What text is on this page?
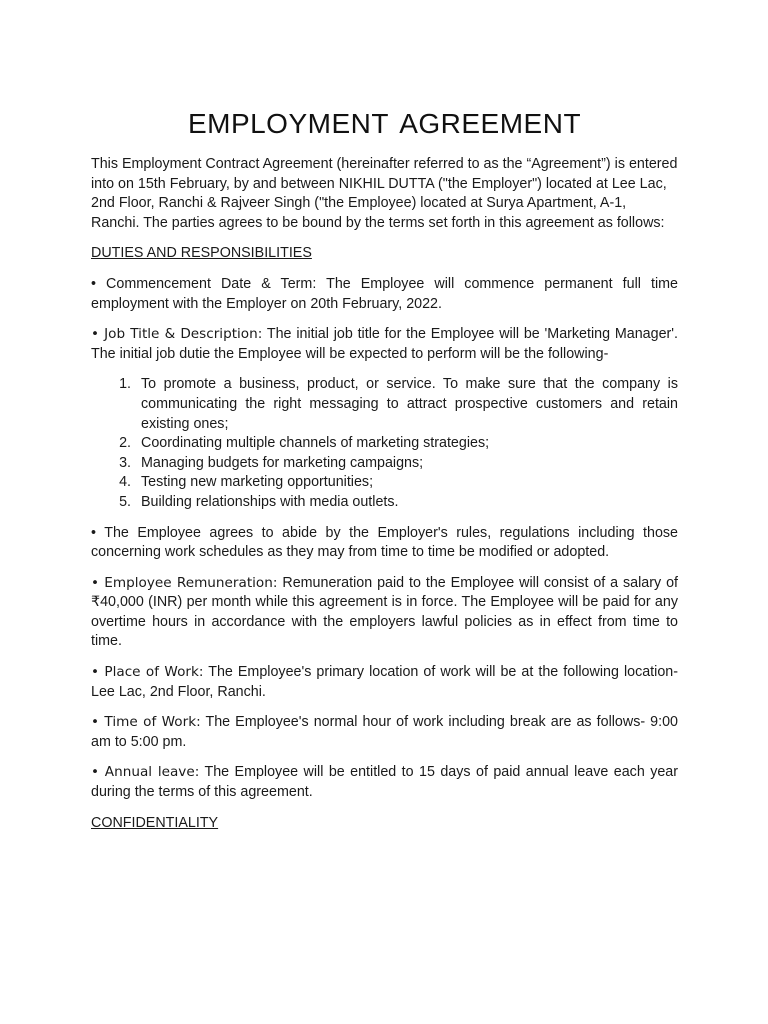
EMPLOYMENT AGREEMENT

This Employment Contract Agreement (hereinafter referred to as the “Agreement”) is entered into on 15th February, by and between NIKHIL DUTTA ("the Employer") located at Lee Lac, 2nd Floor, Ranchi & Rajveer Singh ("the Employee) located at Surya Apartment, A-1, Ranchi. The parties agrees to be bound by the terms set forth in this agreement as follows:

DUTIES AND RESPONSIBILITIES

• Commencement Date & Term: The Employee will commence permanent full time employment with the Employer on 20th February, 2022.

• Job Title & Description: The initial job title for the Employee will be 'Marketing Manager'. The initial job dutie the Employee will be expected to perform will be the following-

1. To promote a business, product, or service. To make sure that the company is communicating the right messaging to attract prospective customers and retain existing ones;
2. Coordinating multiple channels of marketing strategies;
3. Managing budgets for marketing campaigns;
4. Testing new marketing opportunities;
5. Building relationships with media outlets.

• The Employee agrees to abide by the Employer's rules, regulations including those concerning work schedules as they may from time to time be modified or adopted.

• Employee Remuneration: Remuneration paid to the Employee will consist of a salary of ₹40,000 (INR) per month while this agreement is in force. The Employee will be paid for any overtime hours in accordance with the employers lawful policies as in effect from time to time.

• Place of Work: The Employee's primary location of work will be at the following location- Lee Lac, 2nd Floor, Ranchi.

• Time of Work: The Employee's normal hour of work including break are as follows- 9:00 am to 5:00 pm.

• Annual leave: The Employee will be entitled to 15 days of paid annual leave each year during the terms of this agreement.

CONFIDENTIALITY
